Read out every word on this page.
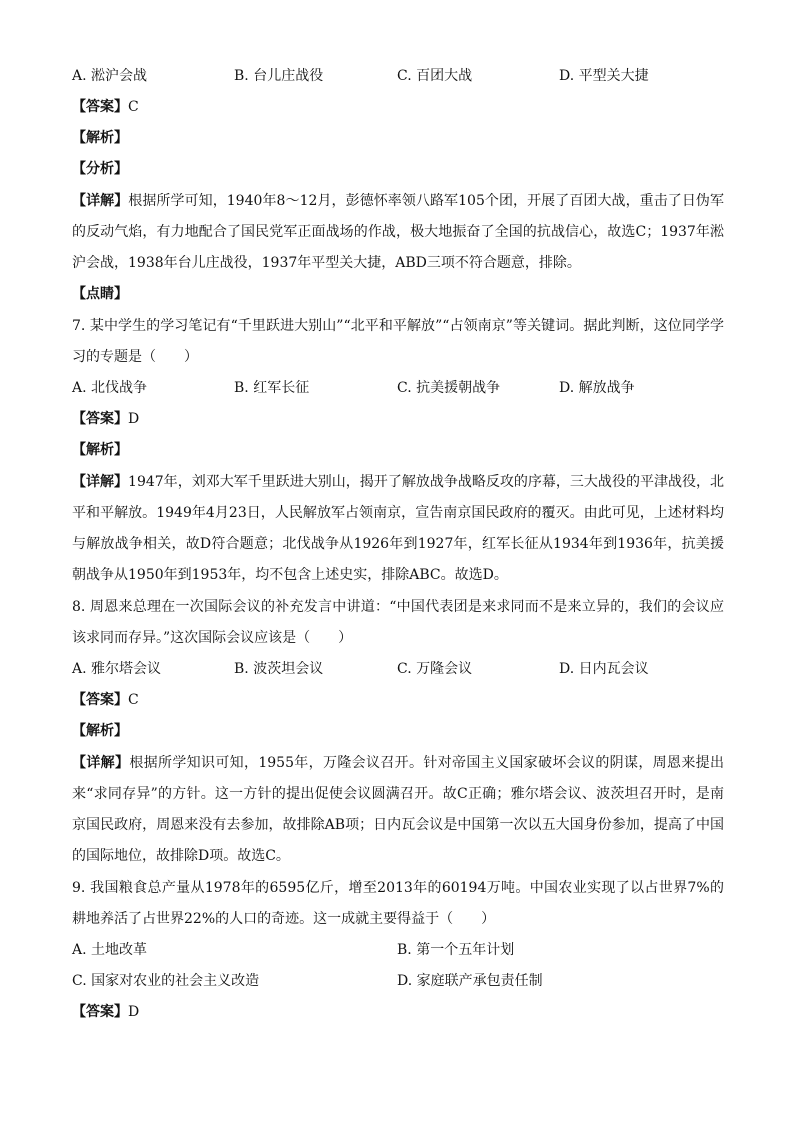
A. 淞沪会战	B. 台儿庄战役	C. 百团大战	D. 平型关大捷
【答案】C
【解析】
【分析】
【详解】根据所学可知，1940年8～12月，彭德怀率领八路军105个团，开展了百团大战，重击了日伪军的反动气焰，有力地配合了国民党军正面战场的作战，极大地振奋了全国的抗战信心，故选C；1937年淞沪会战，1938年台儿庄战役，1937年平型关大捷，ABD三项不符合题意，排除。
【点睛】
7. 某中学生的学习笔记有“千里跃进大别山”“北平和平解放”“占领南京”等关键词。据此判断，这位同学学习的专题是（　　）
A. 北伐战争	B. 红军长征	C. 抗美援朝战争	D. 解放战争
【答案】D
【解析】
【详解】1947年，刘邓大军千里跃进大别山，揭开了解放战争战略反攻的序幕，三大战役的平津战役，北平和平解放。1949年4月23日，人民解放军占领南京，宣告南京国民政府的覆灭。由此可见，上述材料均与解放战争相关，故D符合题意；北伐战争从1926年到1927年，红军长征从1934年到1936年，抗美援朝战争从1950年到1953年，均不包含上述史实，排除ABC。故选D。
8. 周恩来总理在一次国际会议的补充发言中讲道：“中国代表团是来求同而不是来立异的，我们的会议应该求同而存异。”这次国际会议应该是（　　）
A. 雅尔塔会议	B. 波茨坦会议	C. 万隆会议	D. 日内瓦会议
【答案】C
【解析】
【详解】根据所学知识可知，1955年，万隆会议召开。针对帝国主义国家破坏会议的阴谋，周恩来提出来“求同存异”的方针。这一方针的提出促使会议圆满召开。故C正确；雅尔塔会议、波茨坦召开时，是南京国民政府，周恩来没有去参加，故排除AB项；日内瓦会议是中国第一次以五大国身份参加，提高了中国的国际地位，故排除D项。故选C。
9. 我国粮食总产量从1978年的6595亿斤，增至2013年的60194万吨。中国农业实现了以占世界7%的耕地养活了占世界22%的人口的奇迹。这一成就主要得益于（　　）
A. 土地改革	B. 第一个五年计划
C. 国家对农业的社会主义改造	D. 家庭联产承包责任制
【答案】D
